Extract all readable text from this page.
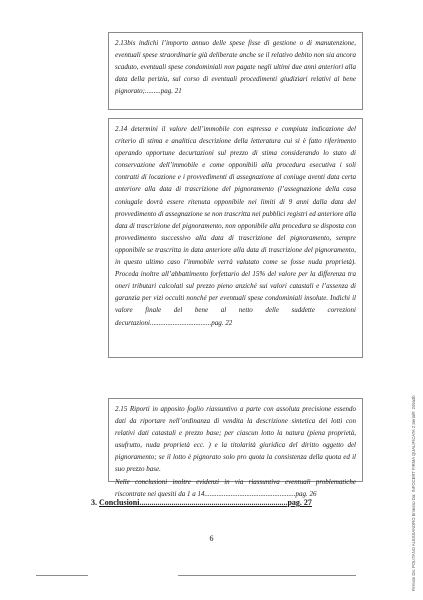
2.13bis indichi l’importo annuo delle spese fisse di gestione o di manutenzione, eventuali spese straordinarie già deliberate anche se il relativo debito non sia ancora scaduto, eventuali spese condominiali non pagate negli ultimi due anni anteriori alla data della perizia, sul corso di eventuali procedimenti giudiziari relativi al bene pignorato;.........pag. 21

2.14 determini il valore dell’immobile con espressa e compiuta indicazione del criterio di stima e analitica descrizione della letteratura cui si è fatto riferimento operando opportune decurtazioni sul prezzo di stima considerando lo stato di conservazione dell’immobile e come opponibili alla procedura esecutiva i soli contratti di locazione e i provvedimenti di assegnazione al coniuge aventi data certa anteriore alla data di trascrizione del pignoramento (l’assegnazione della casa coniugale dovrà essere ritenuta opponibile nei limiti di 9 anni dalla data del provvedimento di assegnazione se non trascritta nei pubblici registri ed anteriore alla data di trascrizione del pignoramento, non opponibile alla procedura se disposta con provvedimento successivo alla data di trascrizione del pignoramento, sempre opponibile se trascritta in data anteriore alla data di trascrizione del pignoramento, in questo ultimo caso l’immobile verrà valutato come se fosse nuda proprietà). Proceda inoltre all’abbattimento forfettario del 15% del valore per la differenza tra oneri tributari calcolati sul prezzo pieno anziché sui valori catastali e l’assenza di garanzia per vizi occulti nonché per eventuali spese condominiali insolute. Indichi il valore finale del bene al netto delle suddette correzioni decurtazioni...................................pag. 22

2.15 Riporti in apposito foglio riassuntivo a parte con assoluta precisione essendo dati da riportare nell’ordinanza di vendita la descrizione sintetica dei lotti con relativi dati catastali e prezzo base; per ciascun lotto la natura (piena proprietà, usufrutto, nuda proprietà ecc. ) e la titolarità giuridica del diritto oggetto del pignoramento; se il lotto è pignorato solo pro quota la consistenza della quota ed il suo prezzo base.

Nelle conclusioni inoltre evidenzi in via riassuntiva eventuali problematiche riscontrate nei quesiti da 1 a 14....................................................pag. 26

3. Conclusioni..........................................................................pag. 27
6	Firmato Da: POLITANO ALESSANDRO Emesso Da: INFOCERT FIRMA QUALIFICATA 2 Serial#: 249a3b
